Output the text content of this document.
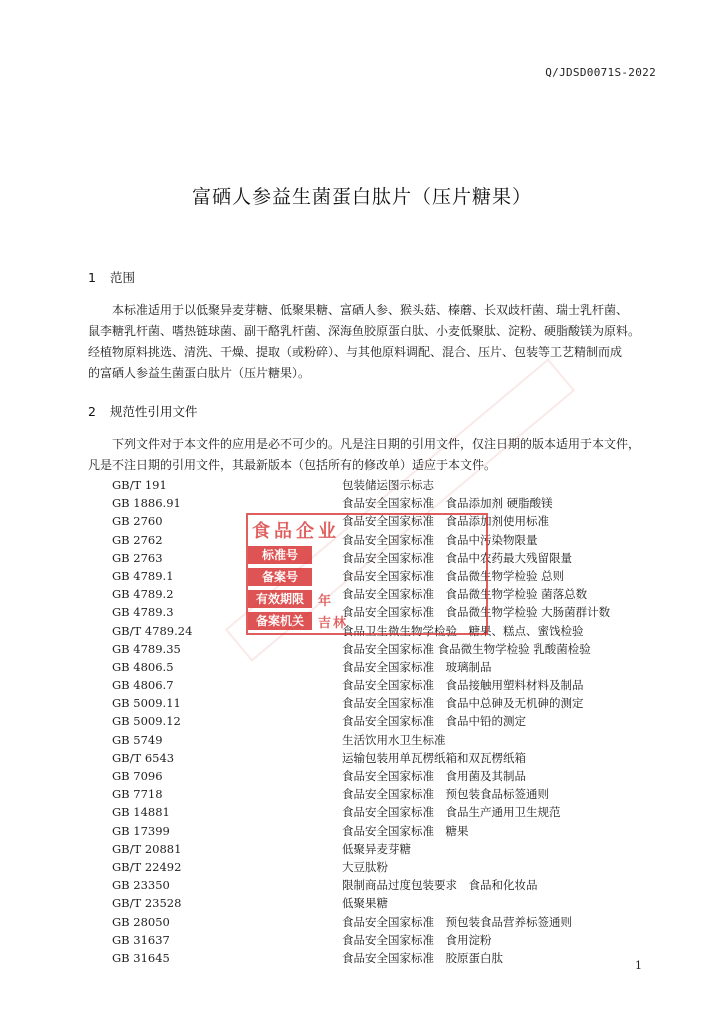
Q/JDSD0071S-2022
富硒人参益生菌蛋白肽片（压片糖果）
1 范围
本标准适用于以低聚异麦芽糖、低聚果糖、富硒人参、猴头菇、榛蘑、长双歧杆菌、瑞士乳杆菌、
鼠李糖乳杆菌、嗜热链球菌、副干酪乳杆菌、深海鱼胶原蛋白肽、小麦低聚肽、淀粉、硬脂酸镁为原料。
经植物原料挑选、清洗、干燥、提取（或粉碎）、与其他原料调配、混合、压片、包装等工艺精制而成
的富硒人参益生菌蛋白肽片（压片糖果）。
2 规范性引用文件
下列文件对于本文件的应用是必不可少的。凡是注日期的引用文件，仅注日期的版本适用于本文件，
凡是不注日期的引用文件，其最新版本（包括所有的修改单）适应于本文件。
GB/T 191	包装储运图示标志
GB 1886.91	食品安全国家标准　食品添加剂 硬脂酸镁
GB 2760	食品安全国家标准　食品添加剂使用标准
GB 2762	食品安全国家标准　食品中污染物限量
GB 2763	食品安全国家标准　食品中农药最大残留限量
GB 4789.1	食品安全国家标准　食品微生物学检验 总则
GB 4789.2	食品安全国家标准　食品微生物学检验 菌落总数
GB 4789.3	食品安全国家标准　食品微生物学检验 大肠菌群计数
GB/T 4789.24	食品卫生微生物学检验　糖果、糕点、蜜饯检验
GB 4789.35	食品安全国家标准 食品微生物学检验 乳酸菌检验
GB 4806.5	食品安全国家标准　玻璃制品
GB 4806.7	食品安全国家标准　食品接触用塑料材料及制品
GB 5009.11	食品安全国家标准　食品中总砷及无机砷的测定
GB 5009.12	食品安全国家标准　食品中铅的测定
GB 5749	生活饮用水卫生标准
GB/T 6543	运输包装用单瓦楞纸箱和双瓦楞纸箱
GB 7096	食品安全国家标准　食用菌及其制品
GB 7718	食品安全国家标准　预包装食品标签通则
GB 14881	食品安全国家标准　食品生产通用卫生规范
GB 17399	食品安全国家标准　糖果
GB/T 20881	低聚异麦芽糖
GB/T 22492	大豆肽粉
GB 23350	限制商品过度包装要求　食品和化妆品
GB/T 23528	低聚果糖
GB 28050	食品安全国家标准　预包装食品营养标签通则
GB 31637	食品安全国家标准　食用淀粉
GB 31645	食品安全国家标准　胶原蛋白肽
食品企业
标准号
备案号
有效期限
备案机关
年
吉林
1
